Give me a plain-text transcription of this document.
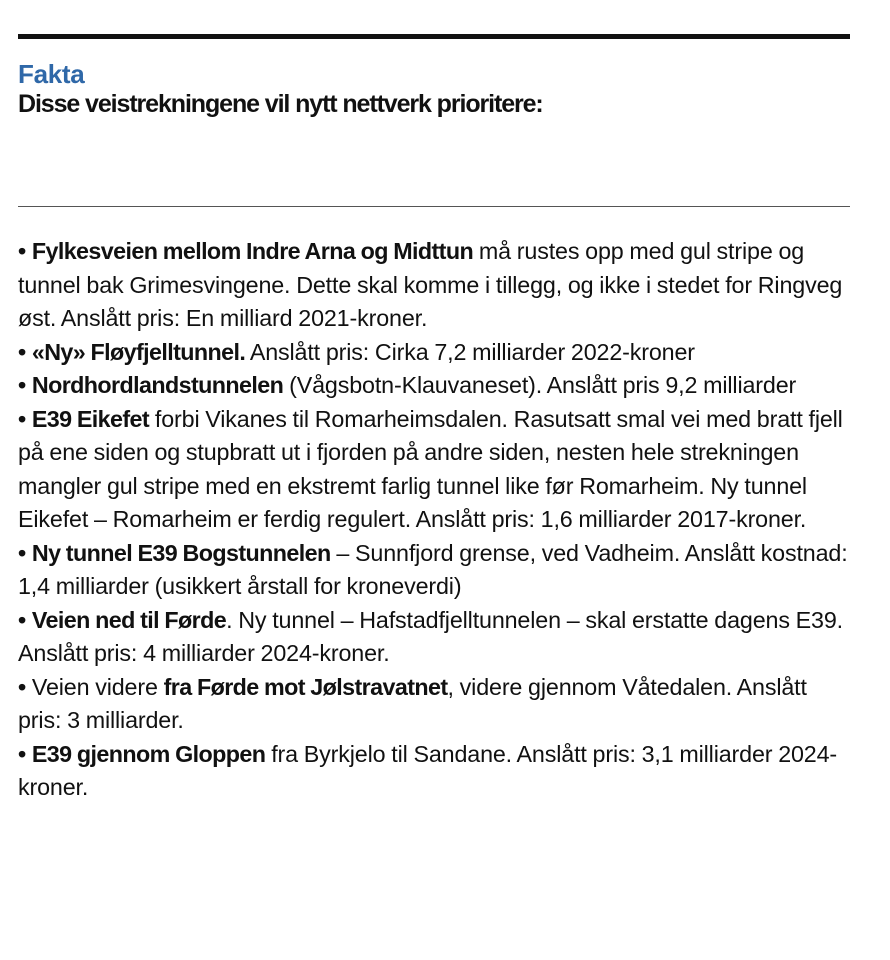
Fakta
Disse veistrekningene vil nytt nettverk prioritere:
• Fylkesveien mellom Indre Arna og Midttun må rustes opp med gul stripe og tunnel bak Grimesvingene. Dette skal komme i tillegg, og ikke i stedet for Ringveg øst. Anslått pris: En milliard 2021-kroner.
• «Ny» Fløyfjelltunnel. Anslått pris: Cirka 7,2 milliarder 2022-kroner
• Nordhordlandstunnelen (Vågsbotn-Klauvaneset). Anslått pris 9,2 milliarder
• E39 Eikefet forbi Vikanes til Romarheimsdalen. Rasutsatt smal vei med bratt fjell på ene siden og stupbratt ut i fjorden på andre siden, nesten hele strekningen mangler gul stripe med en ekstremt farlig tunnel like før Romarheim. Ny tunnel Eikefet – Romarheim er ferdig regulert. Anslått pris: 1,6 milliarder 2017-kroner.
• Ny tunnel E39 Bogstunnelen – Sunnfjord grense, ved Vadheim. Anslått kostnad: 1,4 milliarder (usikkert årstall for kroneverdi)
• Veien ned til Førde. Ny tunnel – Hafstadfjelltunnelen – skal erstatte dagens E39. Anslått pris: 4 milliarder 2024-kroner.
• Veien videre fra Førde mot Jølstravatnet, videre gjennom Våtedalen. Anslått pris: 3 milliarder.
• E39 gjennom Gloppen fra Byrkjelo til Sandane. Anslått pris: 3,1 milliarder 2024-kroner.
